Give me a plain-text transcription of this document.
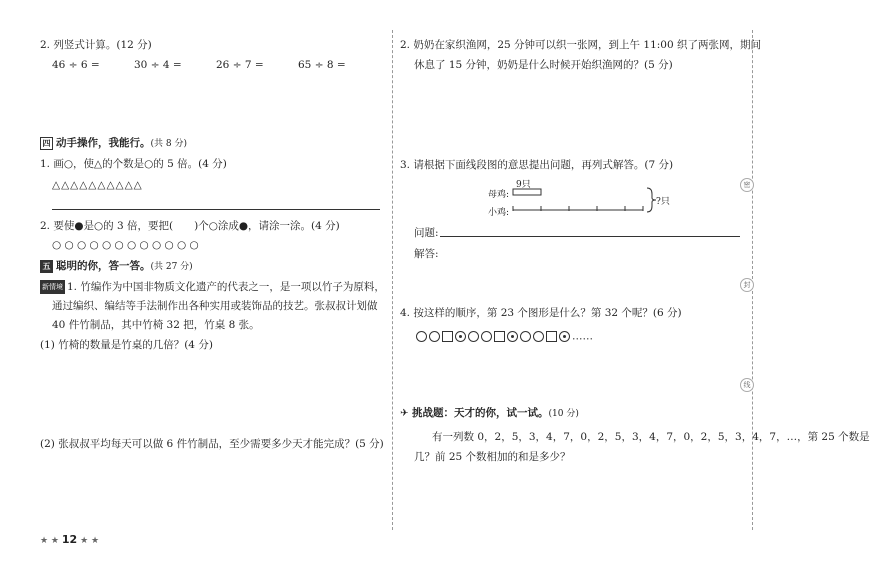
2. 列竖式计算。(12 分)
46 ÷ 6 =	30 ÷ 4 =	26 ÷ 7 =	65 ÷ 8 =
四 动手操作，我能行。(共 8 分)
1. 画○，使△的个数是○的 5 倍。(4 分)
△△△△△△△△△△
2. 要使●是○的 3 倍，要把(　　)个○涂成●，请涂一涂。(4 分)
○ ○ ○ ○ ○ ○ ○ ○ ○ ○ ○ ○
五 聪明的你，答一答。(共 27 分)
新情境 1. 竹编作为中国非物质文化遗产的代表之一，是一项以竹子为原料，
通过编织、编结等手法制作出各种实用或装饰品的技艺。张叔叔计划做
40 件竹制品，其中竹椅 32 把，竹桌 8 张。
(1) 竹椅的数量是竹桌的几倍？(4 分)
(2) 张叔叔平均每天可以做 6 件竹制品，至少需要多少天才能完成？(5 分)
★ ★ 12 ★ ★
2. 奶奶在家织渔网，25 分钟可以织一张网，到上午 11:00 织了两张网，期间
休息了 15 分钟，奶奶是什么时候开始织渔网的？(5 分)
3. 请根据下面线段图的意思提出问题，再列式解答。(7 分)
母鸡:
小鸡:
9只
?只
问题:
解答:
4. 按这样的顺序，第 23 个图形是什么？第 32 个呢？(6 分)
……
✈ 挑战题：天才的你，试一试。(10 分)
有一列数 0，2，5，3，4，7，0，2，5，3，4，7，0，2，5，3，4，7，…，第 25 个数是
几？前 25 个数相加的和是多少？
密
封
线
